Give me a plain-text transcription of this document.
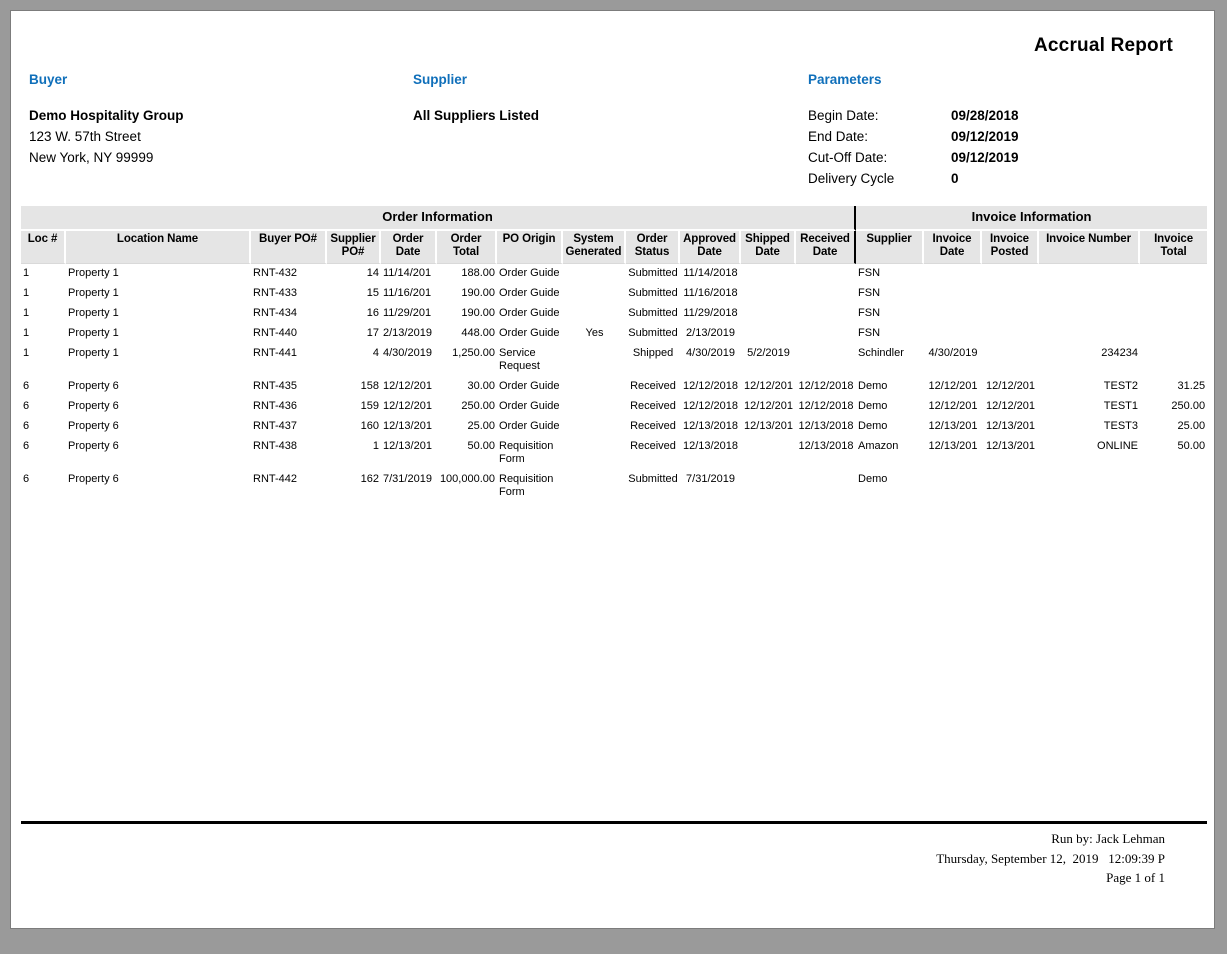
Accrual Report
Buyer
Demo Hospitality Group
123 W. 57th Street
New York, NY 99999
Supplier
All Suppliers Listed
Parameters
Begin Date:	09/28/2018
End Date:	09/12/2019
Cut-Off Date:	09/12/2019
Delivery Cycle	0
Order Information												Invoice Information				
Loc #	Location Name	Buyer PO#	Supplier PO#	Order Date	Order Total	PO Origin	System Generated	Order Status	Approved Date	Shipped Date	Received Date	Supplier	Invoice Date	Invoice Posted	Invoice Number	Invoice Total
1	Property 1	RNT-432	14	11/14/201	188.00	Order Guide		Submitted	11/14/2018			FSN				
1	Property 1	RNT-433	15	11/16/201	190.00	Order Guide		Submitted	11/16/2018			FSN				
1	Property 1	RNT-434	16	11/29/201	190.00	Order Guide		Submitted	11/29/2018			FSN				
1	Property 1	RNT-440	17	2/13/2019	448.00	Order Guide	Yes	Submitted	2/13/2019			FSN				
1	Property 1	RNT-441	4	4/30/2019	1,250.00	Service Request		Shipped	4/30/2019	5/2/2019		Schindler	4/30/2019		234234	
6	Property 6	RNT-435	158	12/12/201	30.00	Order Guide		Received	12/12/2018	12/12/201	12/12/2018	Demo	12/12/201	12/12/201	TEST2	31.25
6	Property 6	RNT-436	159	12/12/201	250.00	Order Guide		Received	12/12/2018	12/12/201	12/12/2018	Demo	12/12/201	12/12/201	TEST1	250.00
6	Property 6	RNT-437	160	12/13/201	25.00	Order Guide		Received	12/13/2018	12/13/201	12/13/2018	Demo	12/13/201	12/13/201	TEST3	25.00
6	Property 6	RNT-438	1	12/13/201	50.00	Requisition Form		Received	12/13/2018		12/13/2018	Amazon	12/13/201	12/13/201	ONLINE	50.00
6	Property 6	RNT-442	162	7/31/2019	100,000.00	Requisition Form		Submitted	7/31/2019			Demo				
Run by: Jack Lehman
Thursday, September 12,  2019   12:09:39 P
Page 1 of 1
